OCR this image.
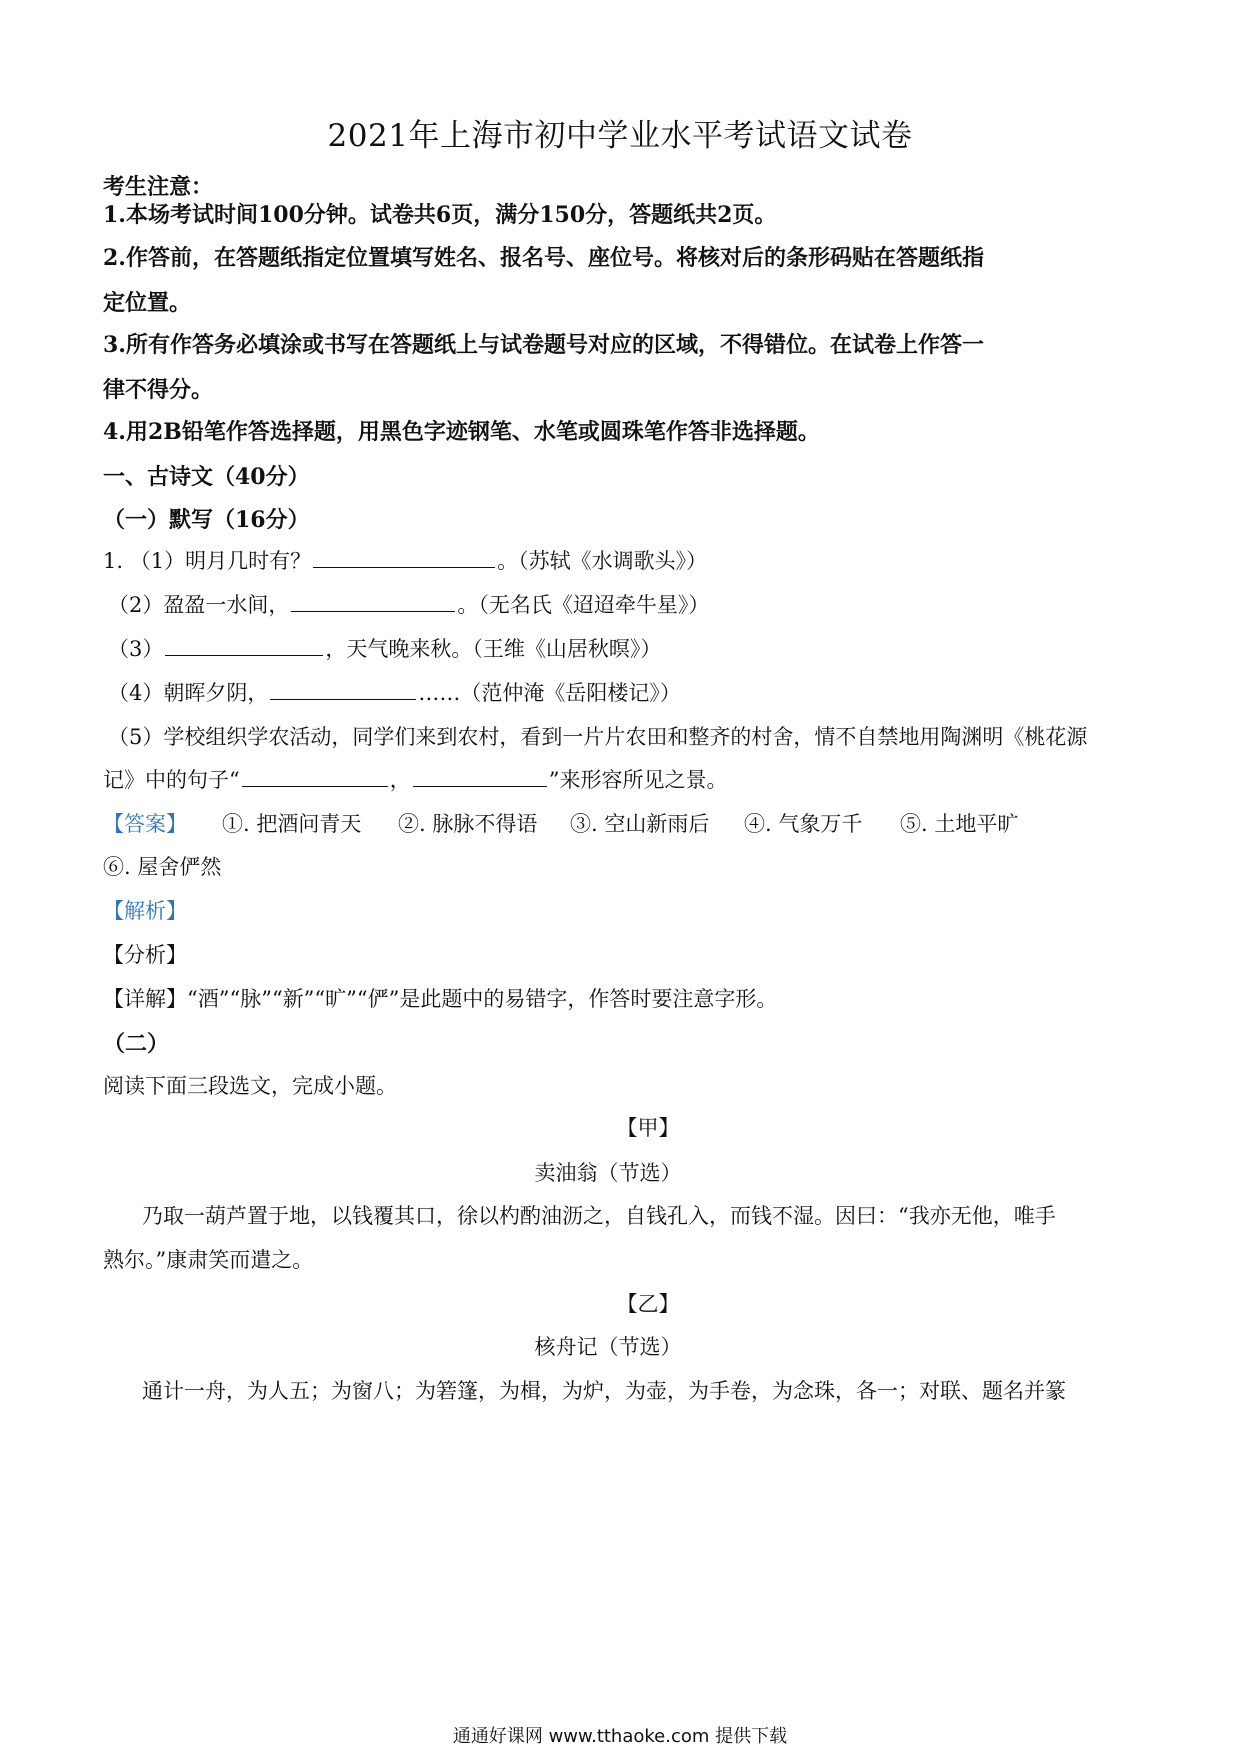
2021年上海市初中学业水平考试语文试卷
考生注意：
1.本场考试时间100分钟。试卷共6页，满分150分，答题纸共2页。
2.作答前，在答题纸指定位置填写姓名、报名号、座位号。将核对后的条形码贴在答题纸指
定位置。
3.所有作答务必填涂或书写在答题纸上与试卷题号对应的区域，不得错位。在试卷上作答一
律不得分。
4.用2B铅笔作答选择题，用黑色字迹钢笔、水笔或圆珠笔作答非选择题。
一、古诗文（40分）
（一）默写（16分）
1. （1）明月几时有？	。（苏轼《水调歌头》）
（2）盈盈一水间，	。（无名氏《迢迢牵牛星》）
（3）	，天气晚来秋。（王维《山居秋暝》）
（4）朝晖夕阴，	……（范仲淹《岳阳楼记》）
（5）学校组织学农活动，同学们来到农村，看到一片片农田和整齐的村舍，情不自禁地用陶渊明《桃花源
记》中的句子“	，	”来形容所见之景。
【答案】 ①. 把酒问青天 ②. 脉脉不得语 ③. 空山新雨后 ④. 气象万千 ⑤. 土地平旷
⑥. 屋舍俨然
【解析】
【分析】
【详解】“酒”“脉”“新”“旷”“俨”是此题中的易错字，作答时要注意字形。
（二）
阅读下面三段选文，完成小题。
【甲】
卖油翁（节选）
乃取一葫芦置于地，以钱覆其口，徐以杓酌油沥之，自钱孔入，而钱不湿。因曰：“我亦无他，唯手
熟尔。”康肃笑而遣之。
【乙】
核舟记（节选）
通计一舟，为人五；为窗八；为箬篷，为楫，为炉，为壶，为手卷，为念珠，各一；对联、题名并篆
通通好课网 www.tthaoke.com 提供下载
